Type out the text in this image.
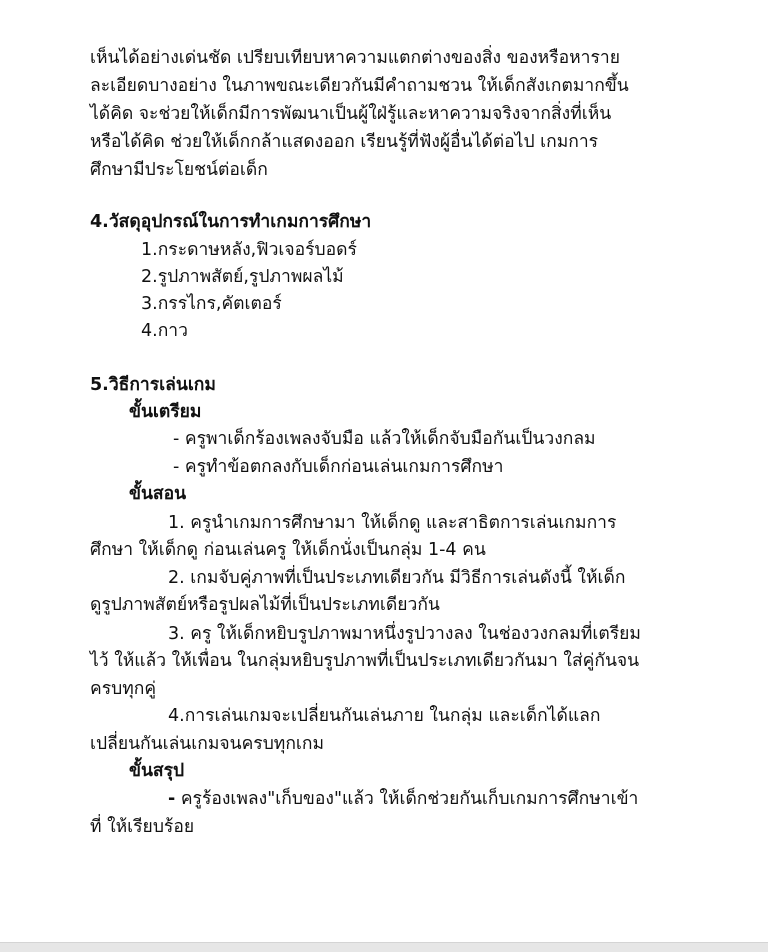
เห็นได้อย่างเด่นชัด เปรียบเทียบหาความแตกต่างของสิ่ง ของหรือหาราย

ละเอียดบางอย่าง ในภาพขณะเดียวกันมีคำถามชวน ให้เด็กสังเกตมากขึ้น

ได้คิด จะช่วยให้เด็กมีการพัฒนาเป็นผู้ใฝ่รู้และหาความจริงจากสิ่งที่เห็น

หรือได้คิด ช่วยให้เด็กกล้าแสดงออก เรียนรู้ที่ฟังผู้อื่นได้ต่อไป เกมการ

ศึกษามีประโยชน์ต่อเด็ก

4.วัสดุอุปกรณ์ในการทำเกมการศึกษา

1.กระดาษหลัง,ฟิวเจอร์บอดร์

2.รูปภาพสัตย์,รูปภาพผลไม้

3.กรรไกร,คัตเตอร์

4.กาว

5.วิธีการเล่นเกม
ขั้นเตรียม

- ครูพาเด็กร้องเพลงจับมือ แล้วให้เด็กจับมือกันเป็นวงกลม

- ครูทำข้อตกลงกับเด็กก่อนเล่นเกมการศึกษา

ขั้นสอน

1. ครูนำเกมการศึกษามา ให้เด็กดู และสาธิตการเล่นเกมการ

ศึกษา ให้เด็กดู ก่อนเล่นครู ให้เด็กนั่งเป็นกลุ่ม 1-4 คน

2. เกมจับคู่ภาพที่เป็นประเภทเดียวกัน มีวิธีการเล่นดังนี้ ให้เด็ก

ดูรูปภาพสัตย์หรือรูปผลไม้ที่เป็นประเภทเดียวกัน

3. ครู ให้เด็กหยิบรูปภาพมาหนึ่งรูปวางลง ในช่องวงกลมที่เตรียม

ไว้ ให้แล้ว ให้เพื่อน ในกลุ่มหยิบรูปภาพที่เป็นประเภทเดียวกันมา ใส่คู่กันจน

ครบทุกคู่

4.การเล่นเกมจะเปลี่ยนกันเล่นภาย ในกลุ่ม และเด็กได้แลก

เปลี่ยนกันเล่นเกมจนครบทุกเกม

ขั้นสรุป

- ครูร้องเพลง"เก็บของ"แล้ว ให้เด็กช่วยกันเก็บเกมการศึกษาเข้า

ที่ ให้เรียบร้อย
